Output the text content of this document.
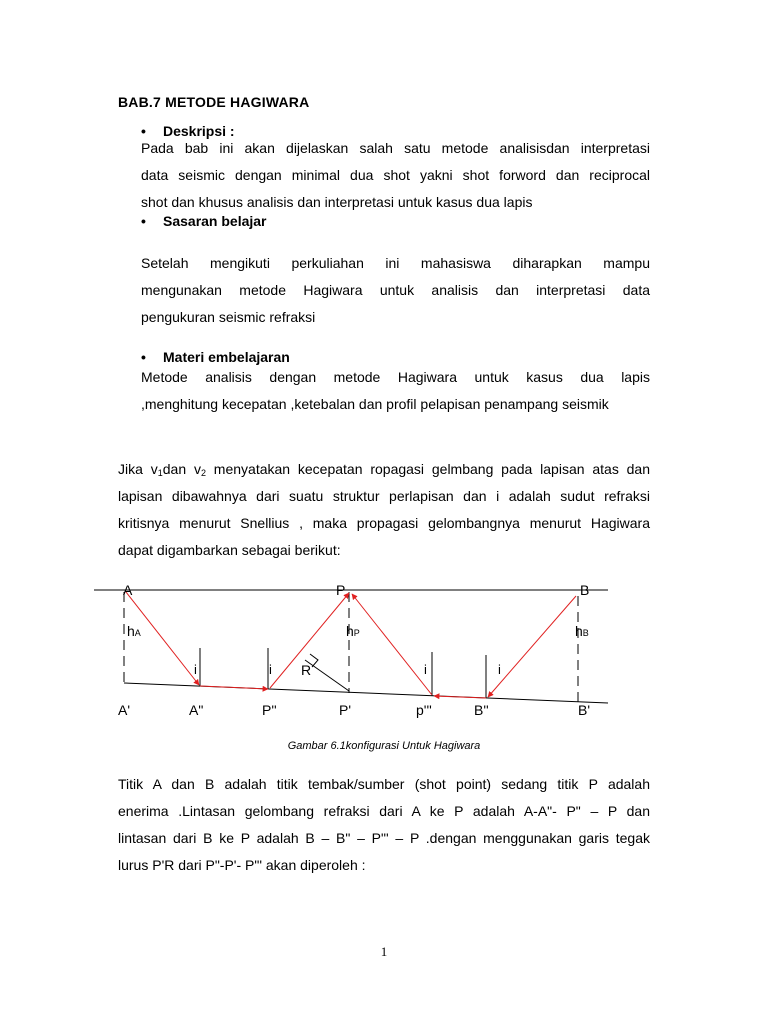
BAB.7 METODE HAGIWARA
• Deskripsi :
Pada bab ini akan dijelaskan salah satu metode analisisdan interpretasi
data seismic dengan minimal dua shot yakni shot forword dan reciprocal
shot dan khusus analisis dan interpretasi untuk kasus dua lapis
• Sasaran belajar
Setelah mengikuti perkuliahan ini mahasiswa diharapkan mampu
mengunakan metode Hagiwara untuk analisis dan interpretasi data
pengukuran seismic refraksi
• Materi embelajaran
Metode analisis dengan metode Hagiwara untuk kasus dua lapis
,menghitung kecepatan ,ketebalan dan profil pelapisan penampang seismik
Jika $v_1dan$ $v_2$ menyatakan kecepatan ropagasi gelmbang pada lapisan atas dan
lapisan dibawahnya dari suatu struktur perlapisan dan i adalah sudut refraksi
kritisnya menurut Snellius , maka propagasi gelombangnya menurut Hagiwara
dapat digambarkan sebagai berikut:
A	P	B
hA	hP	hB
i	i	i	i
R
A'	A"	P''	P'	p'''	B''	B'
Gambar 6.1konfigurasi Untuk Hagiwara
Titik A dan B adalah titik tembak/sumber (shot point) sedang titik P adalah
enerima .Lintasan gelombang refraksi dari A ke P adalah A-A"- P" – P dan
lintasan dari B ke P adalah B – B" – P"' – P .dengan menggunakan garis tegak
lurus P'R dari P"-P'- P"' akan diperoleh :
1
